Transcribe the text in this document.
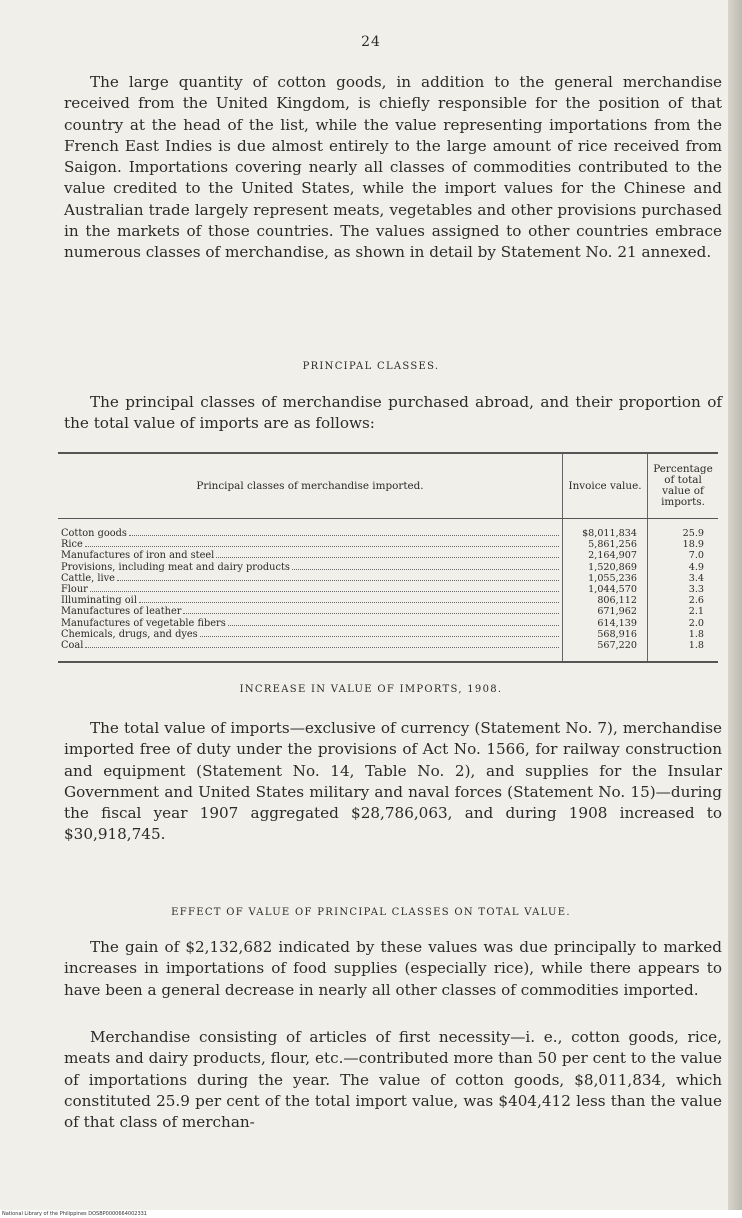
24

The large quantity of cotton goods, in addition to the general merchandise received from the United Kingdom, is chiefly responsible for the position of that country at the head of the list, while the value representing importations from the French East Indies is due almost entirely to the large amount of rice received from Saigon. Importations covering nearly all classes of commodities contributed to the value credited to the United States, while the import values for the Chinese and Australian trade largely represent meats, vegetables and other provisions purchased in the markets of those countries. The values assigned to other countries embrace numerous classes of merchandise, as shown in detail by Statement No. 21 annexed.

PRINCIPAL CLASSES.

The principal classes of merchandise purchased abroad, and their proportion of the total value of imports are as follows:

Principal classes of merchandise imported.	Invoice value.	Percentage of total value of imports.

Cotton goods	$8,011,834	25.9

Rice	5,861,256	18.9

Manufactures of iron and steel	2,164,907	7.0

Provisions, including meat and dairy products	1,520,869	4.9

Cattle, live	1,055,236	3.4

Flour	1,044,570	3.3

Illuminating oil	806,112	2.6

Manufactures of leather	671,962	2.1

Manufactures of vegetable fibers	614,139	2.0

Chemicals, drugs, and dyes	568,916	1.8

Coal	567,220	1.8

INCREASE IN VALUE OF IMPORTS, 1908.

The total value of imports—exclusive of currency (Statement No. 7), merchandise imported free of duty under the provisions of Act No. 1566, for railway construction and equipment (Statement No. 14, Table No. 2), and supplies for the Insular Government and United States military and naval forces (Statement No. 15)—during the fiscal year 1907 aggregated $28,786,063, and during 1908 increased to $30,918,745.

EFFECT OF VALUE OF PRINCIPAL CLASSES ON TOTAL VALUE.

The gain of $2,132,682 indicated by these values was due principally to marked increases in importations of food supplies (especially rice), while there appears to have been a general decrease in nearly all other classes of commodities imported.

Merchandise consisting of articles of first necessity—i. e., cotton goods, rice, meats and dairy products, flour, etc.—contributed more than 50 per cent to the value of importations during the year. The value of cotton goods, $8,011,834, which constituted 25.9 per cent of the total import value, was $404,412 less than the value of that class of merchan-

National Library of the Philippines DOSBP0000664002331
